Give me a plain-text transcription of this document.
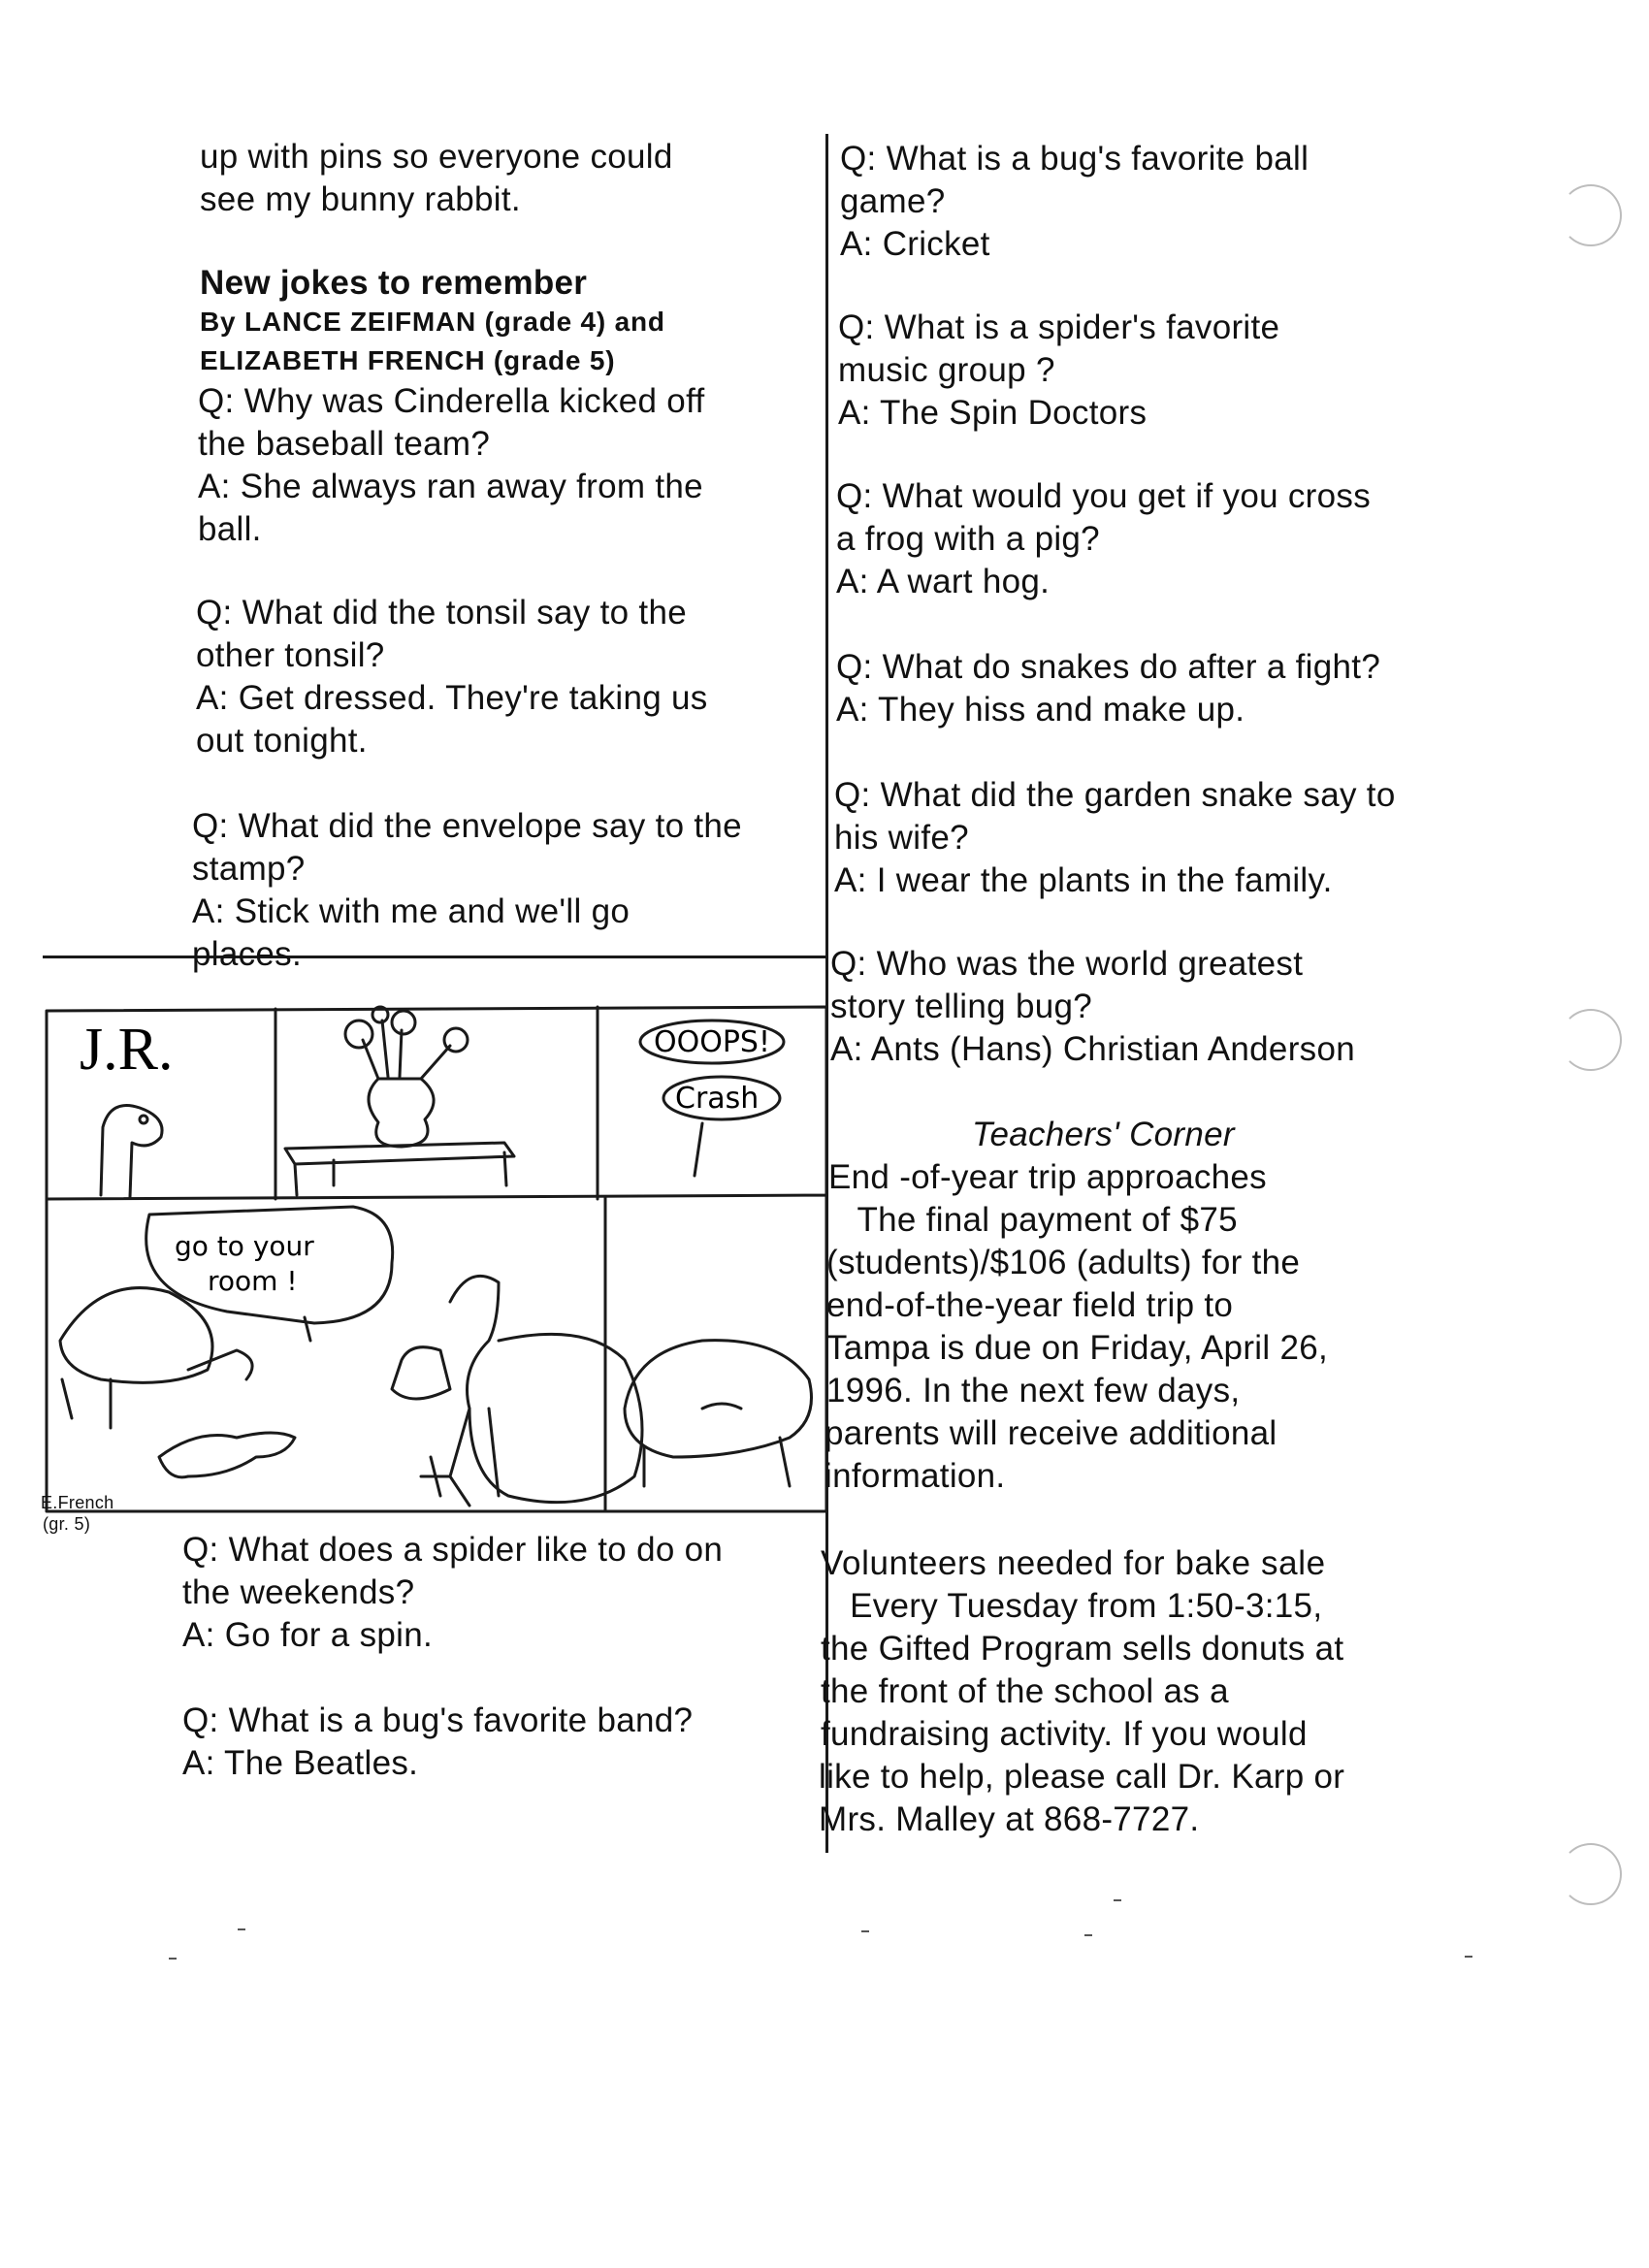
up with pins so everyone could
see my bunny rabbit.
New jokes to remember
By LANCE ZEIFMAN (grade 4) and
ELIZABETH FRENCH (grade 5)
Q: Why was Cinderella kicked off
the baseball team?
A: She always ran away from the
ball.
Q: What did the tonsil say to the
other tonsil?
A: Get dressed. They're taking us
out tonight.
Q: What did the envelope say to the
stamp?
A: Stick with me and we'll go
places.
J.R.	OOOPS!
Crash
go to your
room !
E.French
(gr. 5)
Q: What does a spider like to do on
the weekends?
A: Go for a spin.
Q: What is a bug's favorite band?
A: The Beatles.
Q: What is a bug's favorite ball
game?
A: Cricket
Q: What is a spider's favorite
music group ?
A: The Spin Doctors
Q: What would you get if you cross
a frog with a pig?
A: A wart hog.
Q: What do snakes do after a fight?
A: They hiss and make up.
Q: What did the garden snake say to
his wife?
A: I wear the plants in the family.
Q: Who was the world greatest
story telling bug?
A: Ants (Hans) Christian Anderson
Teachers' Corner
End -of-year trip approaches
The final payment of $75
(students)/$106 (adults) for the
end-of-the-year field trip to
Tampa is due on Friday, April 26,
1996. In the next few days,
parents will receive additional
information.
Volunteers needed for bake sale
Every Tuesday from 1:50-3:15,
the Gifted Program sells donuts at
the front of the school as a
fundraising activity. If you would
like to help, please call Dr. Karp or
Mrs. Malley at 868-7727.
